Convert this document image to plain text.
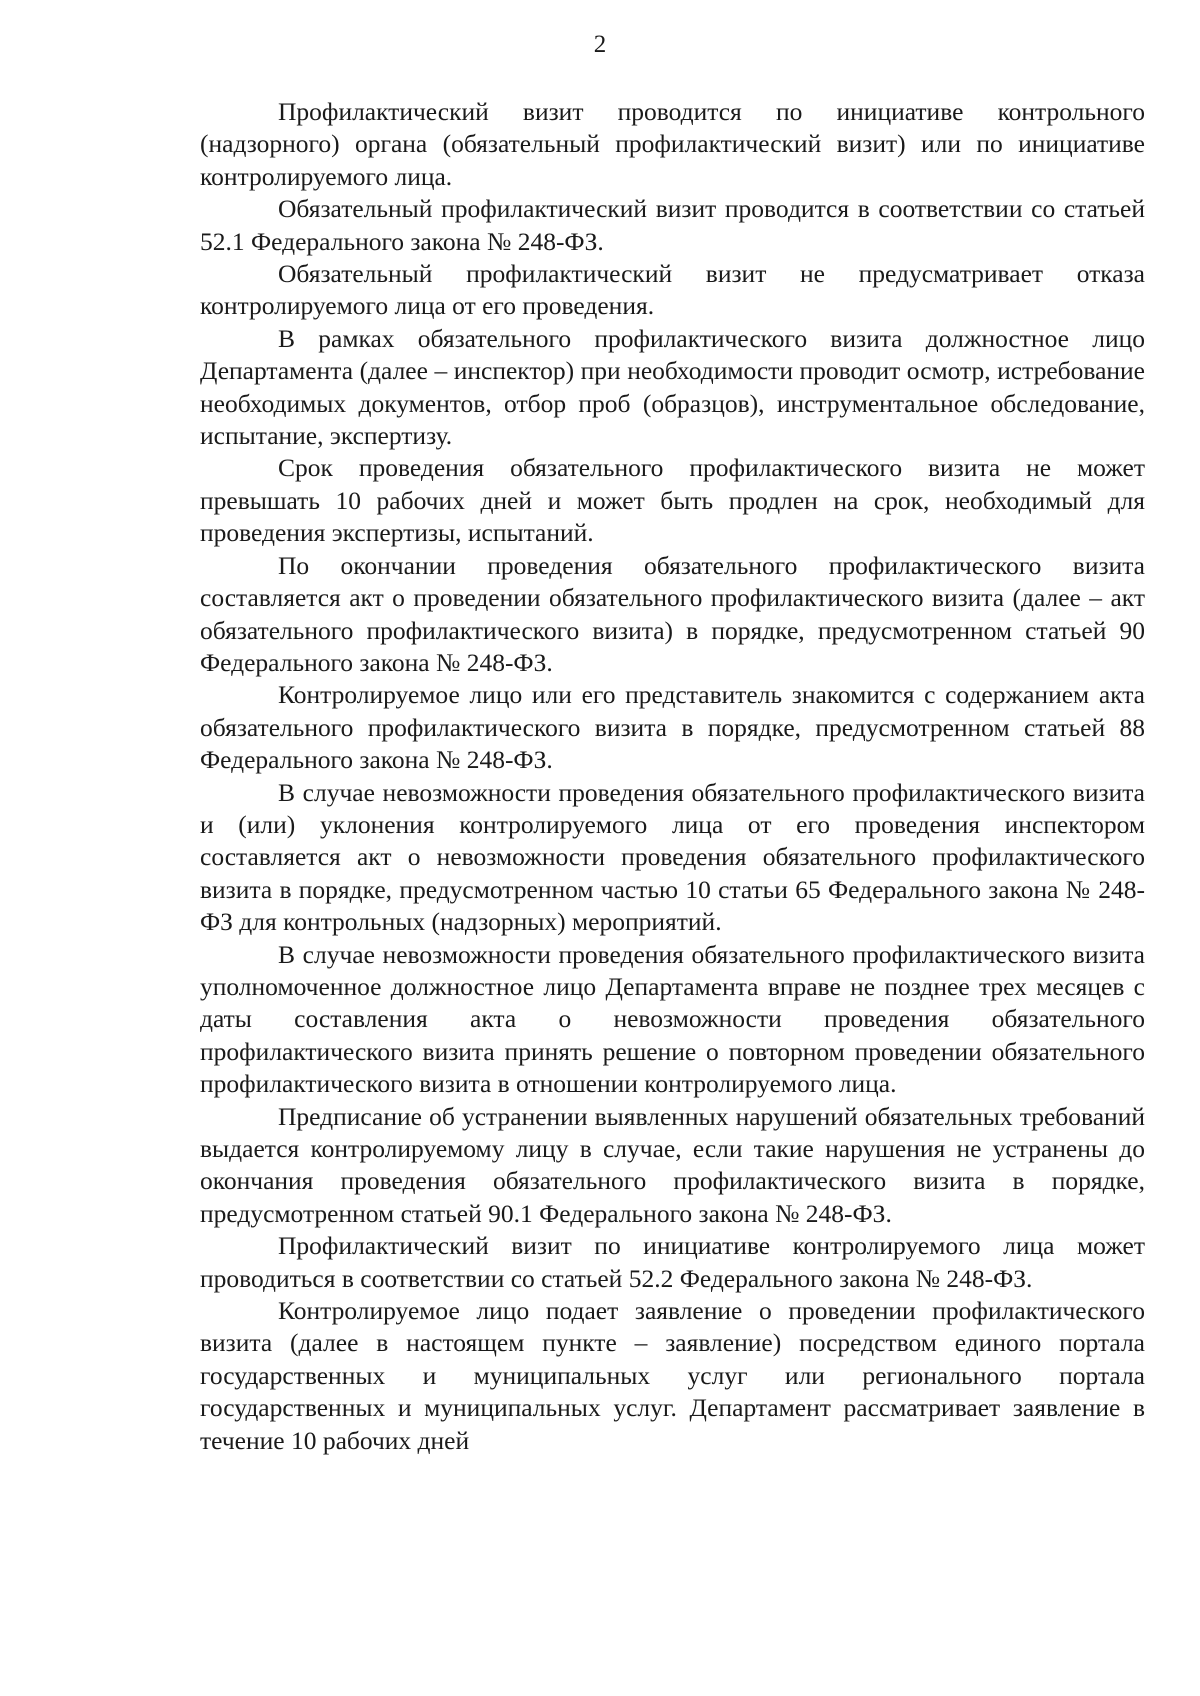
2

Профилактический визит проводится по инициативе контрольного (надзорного) органа (обязательный профилактический визит) или по инициативе контролируемого лица.

Обязательный профилактический визит проводится в соответствии со статьей 52.1 Федерального закона № 248-ФЗ.

Обязательный профилактический визит не предусматривает отказа контролируемого лица от его проведения.

В рамках обязательного профилактического визита должностное лицо Департамента (далее – инспектор) при необходимости проводит осмотр, истребование необходимых документов, отбор проб (образцов), инструментальное обследование, испытание, экспертизу.

Срок проведения обязательного профилактического визита не может превышать 10 рабочих дней и может быть продлен на срок, необходимый для проведения экспертизы, испытаний.

По окончании проведения обязательного профилактического визита составляется акт о проведении обязательного профилактического визита (далее – акт обязательного профилактического визита) в порядке, предусмотренном статьей 90 Федерального закона № 248-ФЗ.

Контролируемое лицо или его представитель знакомится с содержанием акта обязательного профилактического визита в порядке, предусмотренном статьей 88 Федерального закона № 248-ФЗ.

В случае невозможности проведения обязательного профилактического визита и (или) уклонения контролируемого лица от его проведения инспектором составляется акт о невозможности проведения обязательного профилактического визита в порядке, предусмотренном частью 10 статьи 65 Федерального закона № 248-ФЗ для контрольных (надзорных) мероприятий.

В случае невозможности проведения обязательного профилактического визита уполномоченное должностное лицо Департамента вправе не позднее трех месяцев с даты составления акта о невозможности проведения обязательного профилактического визита принять решение о повторном проведении обязательного профилактического визита в отношении контролируемого лица.

Предписание об устранении выявленных нарушений обязательных требований выдается контролируемому лицу в случае, если такие нарушения не устранены до окончания проведения обязательного профилактического визита в порядке, предусмотренном статьей 90.1 Федерального закона № 248-ФЗ.

Профилактический визит по инициативе контролируемого лица может проводиться в соответствии со статьей 52.2 Федерального закона № 248-ФЗ.

Контролируемое лицо подает заявление о проведении профилактического визита (далее в настоящем пункте – заявление) посредством единого портала государственных и муниципальных услуг или регионального портала государственных и муниципальных услуг. Департамент рассматривает заявление в течение 10 рабочих дней
